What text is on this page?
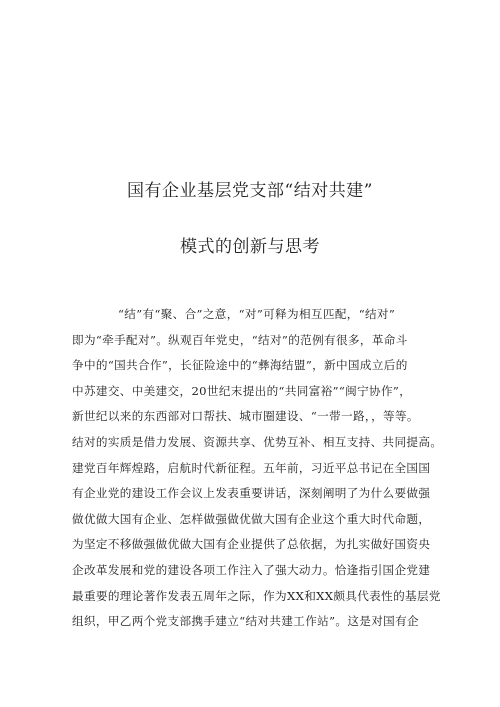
国有企业基层党支部“结对共建”
模式的创新与思考
“结”有“聚、合”之意，“对”可释为相互匹配，“结对”
即为“牵手配对”。纵观百年党史，“结对”的范例有很多，革命斗
争中的“国共合作”，长征险途中的“彝海结盟”，新中国成立后的
中苏建交、中美建交，20世纪末提出的“共同富裕”“闽宁协作”，
新世纪以来的东西部对口帮扶、城市圈建设、“一带一路，，等等。
结对的实质是借力发展、资源共享、优势互补、相互支持、共同提高。
建党百年辉煌路，启航时代新征程。五年前，习近平总书记在全国国
有企业党的建设工作会议上发表重要讲话，深刻阐明了为什么要做强
做优做大国有企业、怎样做强做优做大国有企业这个重大时代命题，
为坚定不移做强做优做大国有企业提供了总依据，为扎实做好国资央
企改革发展和党的建设各项工作注入了强大动力。恰逢指引国企党建
最重要的理论著作发表五周年之际，作为XX和XX颇具代表性的基层党
组织，甲乙两个党支部携手建立“结对共建工作站”。这是对国有企
